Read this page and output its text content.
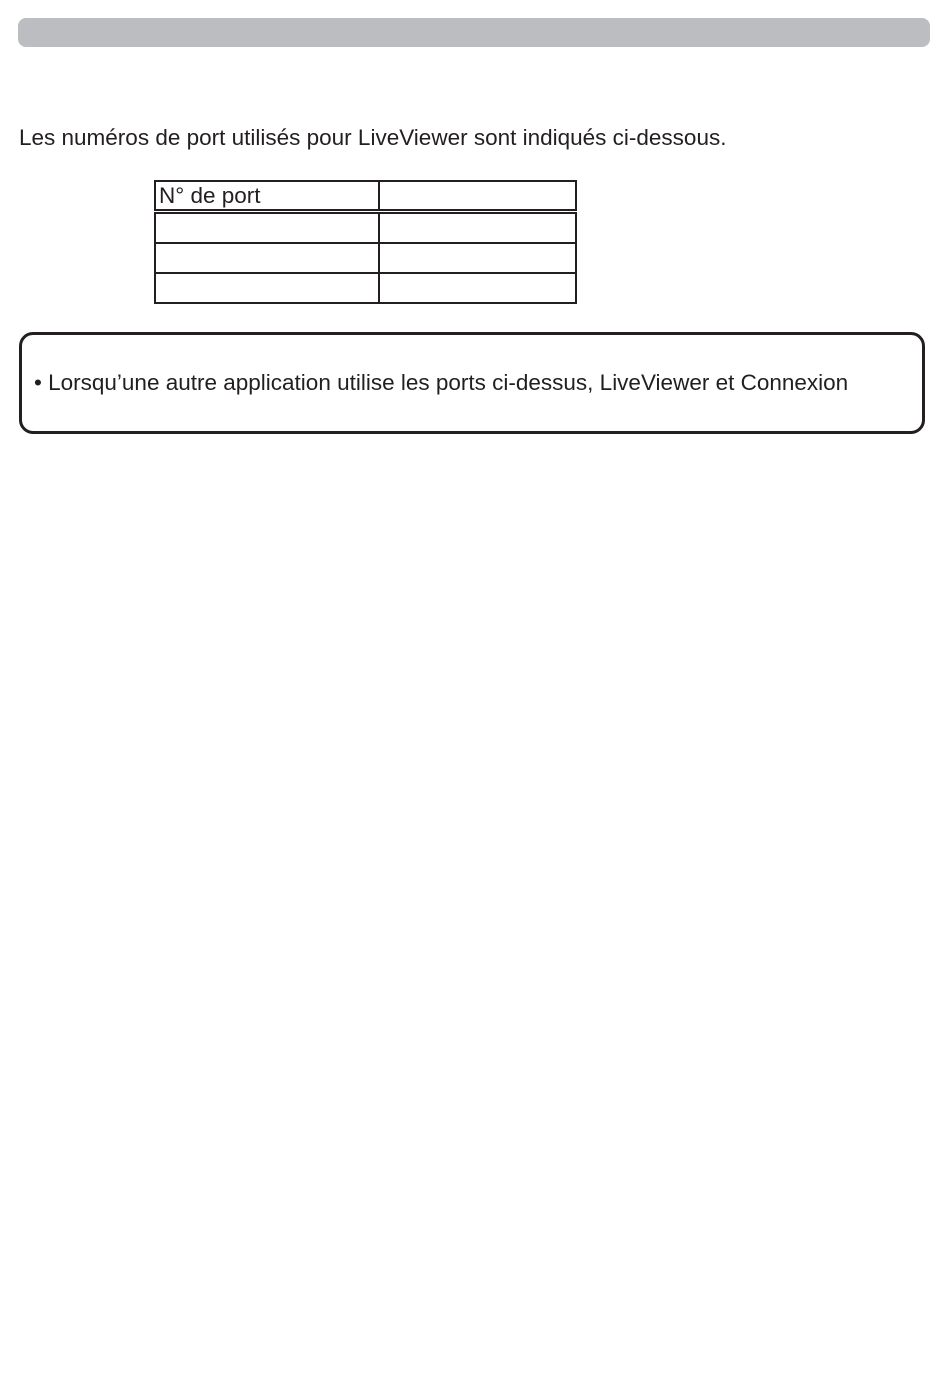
Les numéros de port utilisés pour LiveViewer sont indiqués ci-dessous.
N° de port	

• Lorsqu’une autre application utilise les ports ci-dessus, LiveViewer et Connexion
